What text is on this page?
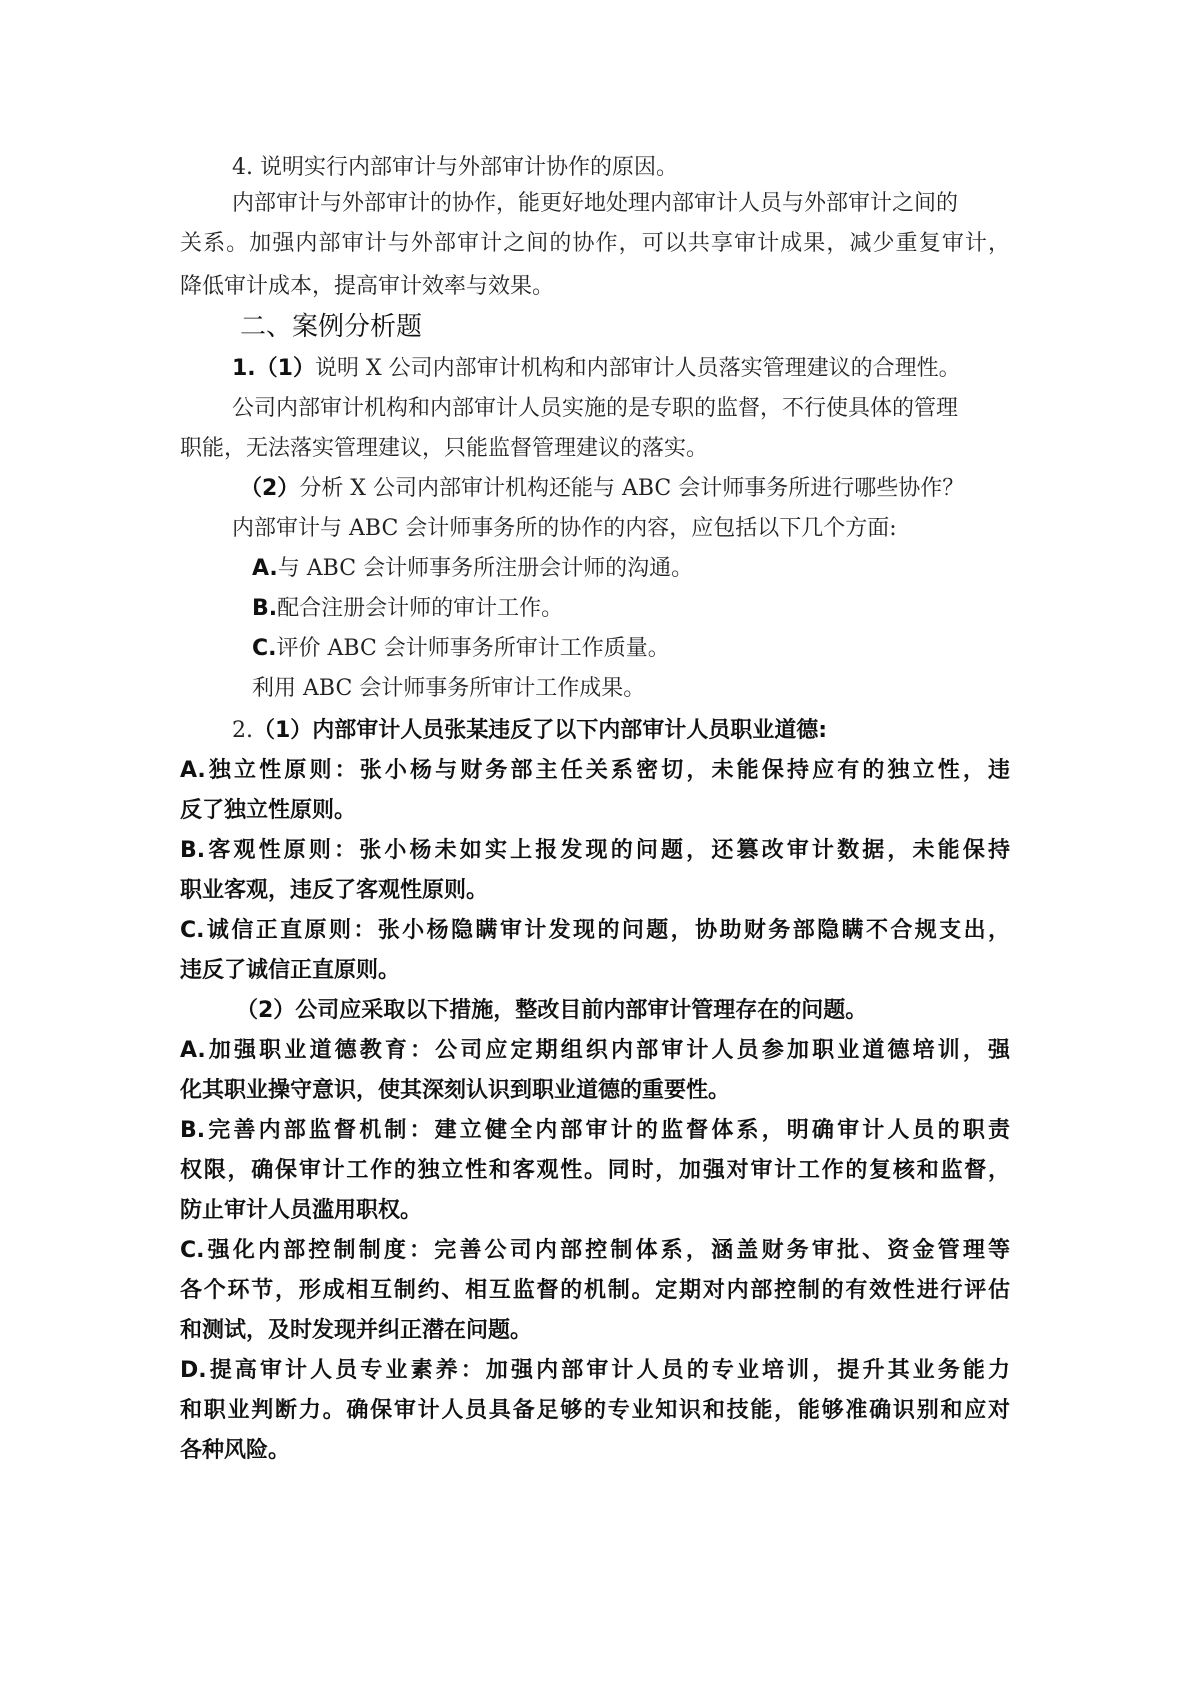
4. 说明实行内部审计与外部审计协作的原因。
内部审计与外部审计的协作，能更好地处理内部审计人员与外部审计之间的
关系。加强内部审计与外部审计之间的协作，可以共享审计成果，减少重复审计，
降低审计成本，提高审计效率与效果。
二、案例分析题
1.（1）说明 X 公司内部审计机构和内部审计人员落实管理建议的合理性。
公司内部审计机构和内部审计人员实施的是专职的监督，不行使具体的管理
职能，无法落实管理建议，只能监督管理建议的落实。
（2）分析 X 公司内部审计机构还能与 ABC 会计师事务所进行哪些协作？
内部审计与 ABC 会计师事务所的协作的内容，应包括以下几个方面:
A.与 ABC 会计师事务所注册会计师的沟通。
B.配合注册会计师的审计工作。
C.评价 ABC 会计师事务所审计工作质量。
利用 ABC 会计师事务所审计工作成果。
2.（1）内部审计人员张某违反了以下内部审计人员职业道德:
A.独立性原则：张小杨与财务部主任关系密切，未能保持应有的独立性，违
反了独立性原则。
B.客观性原则：张小杨未如实上报发现的问题，还篡改审计数据，未能保持
职业客观，违反了客观性原则。
C.诚信正直原则：张小杨隐瞒审计发现的问题，协助财务部隐瞒不合规支出，
违反了诚信正直原则。
（2）公司应采取以下措施，整改目前内部审计管理存在的问题。
A.加强职业道德教育：公司应定期组织内部审计人员参加职业道德培训，强
化其职业操守意识，使其深刻认识到职业道德的重要性。
B.完善内部监督机制：建立健全内部审计的监督体系，明确审计人员的职责
权限，确保审计工作的独立性和客观性。同时，加强对审计工作的复核和监督，
防止审计人员滥用职权。
C.强化内部控制制度：完善公司内部控制体系，涵盖财务审批、资金管理等
各个环节，形成相互制约、相互监督的机制。定期对内部控制的有效性进行评估
和测试，及时发现并纠正潜在问题。
D.提高审计人员专业素养：加强内部审计人员的专业培训，提升其业务能力
和职业判断力。确保审计人员具备足够的专业知识和技能，能够准确识别和应对
各种风险。
